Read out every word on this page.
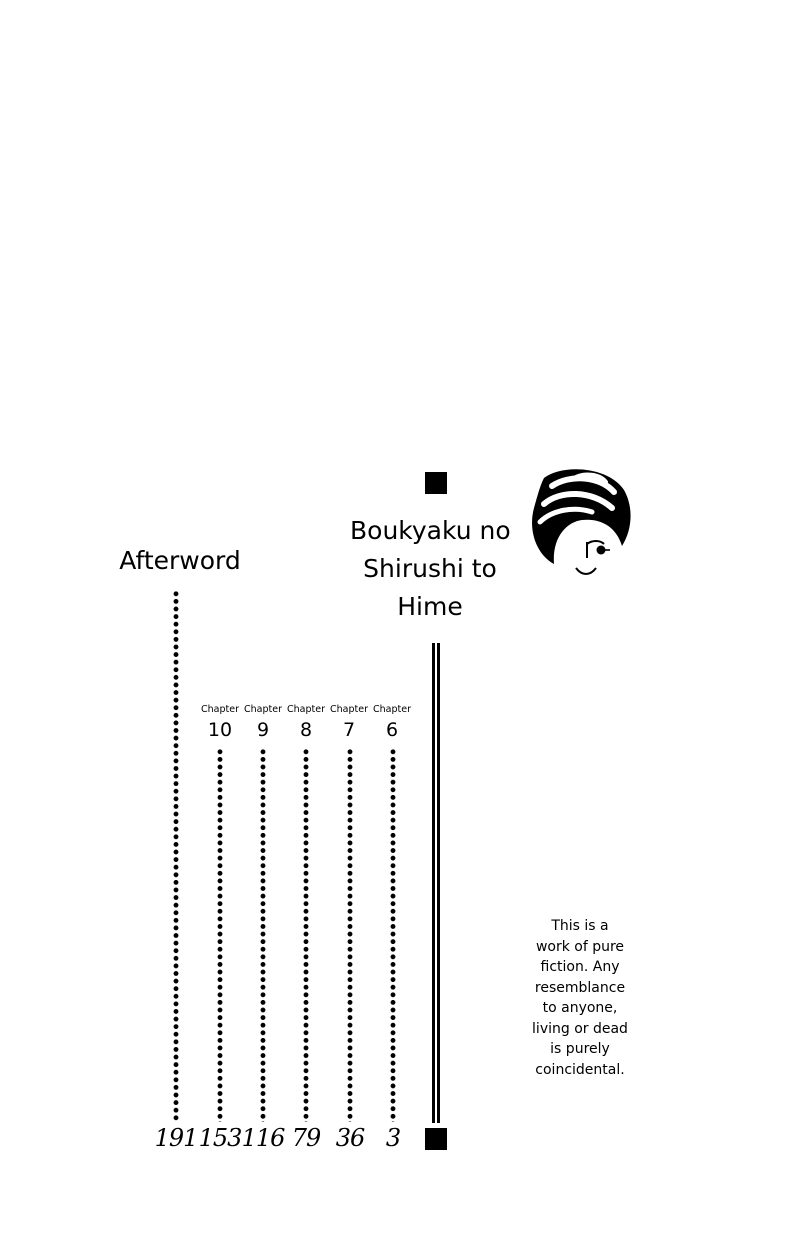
Boukyaku no
Shirushi to
Hime
Afterword
191
Chapter
10
153
Chapter
9
116
Chapter
8
79
Chapter
7
36
Chapter
6
3
This is a
work of pure
fiction. Any
resemblance
to anyone,
living or dead
is purely
coincidental.
